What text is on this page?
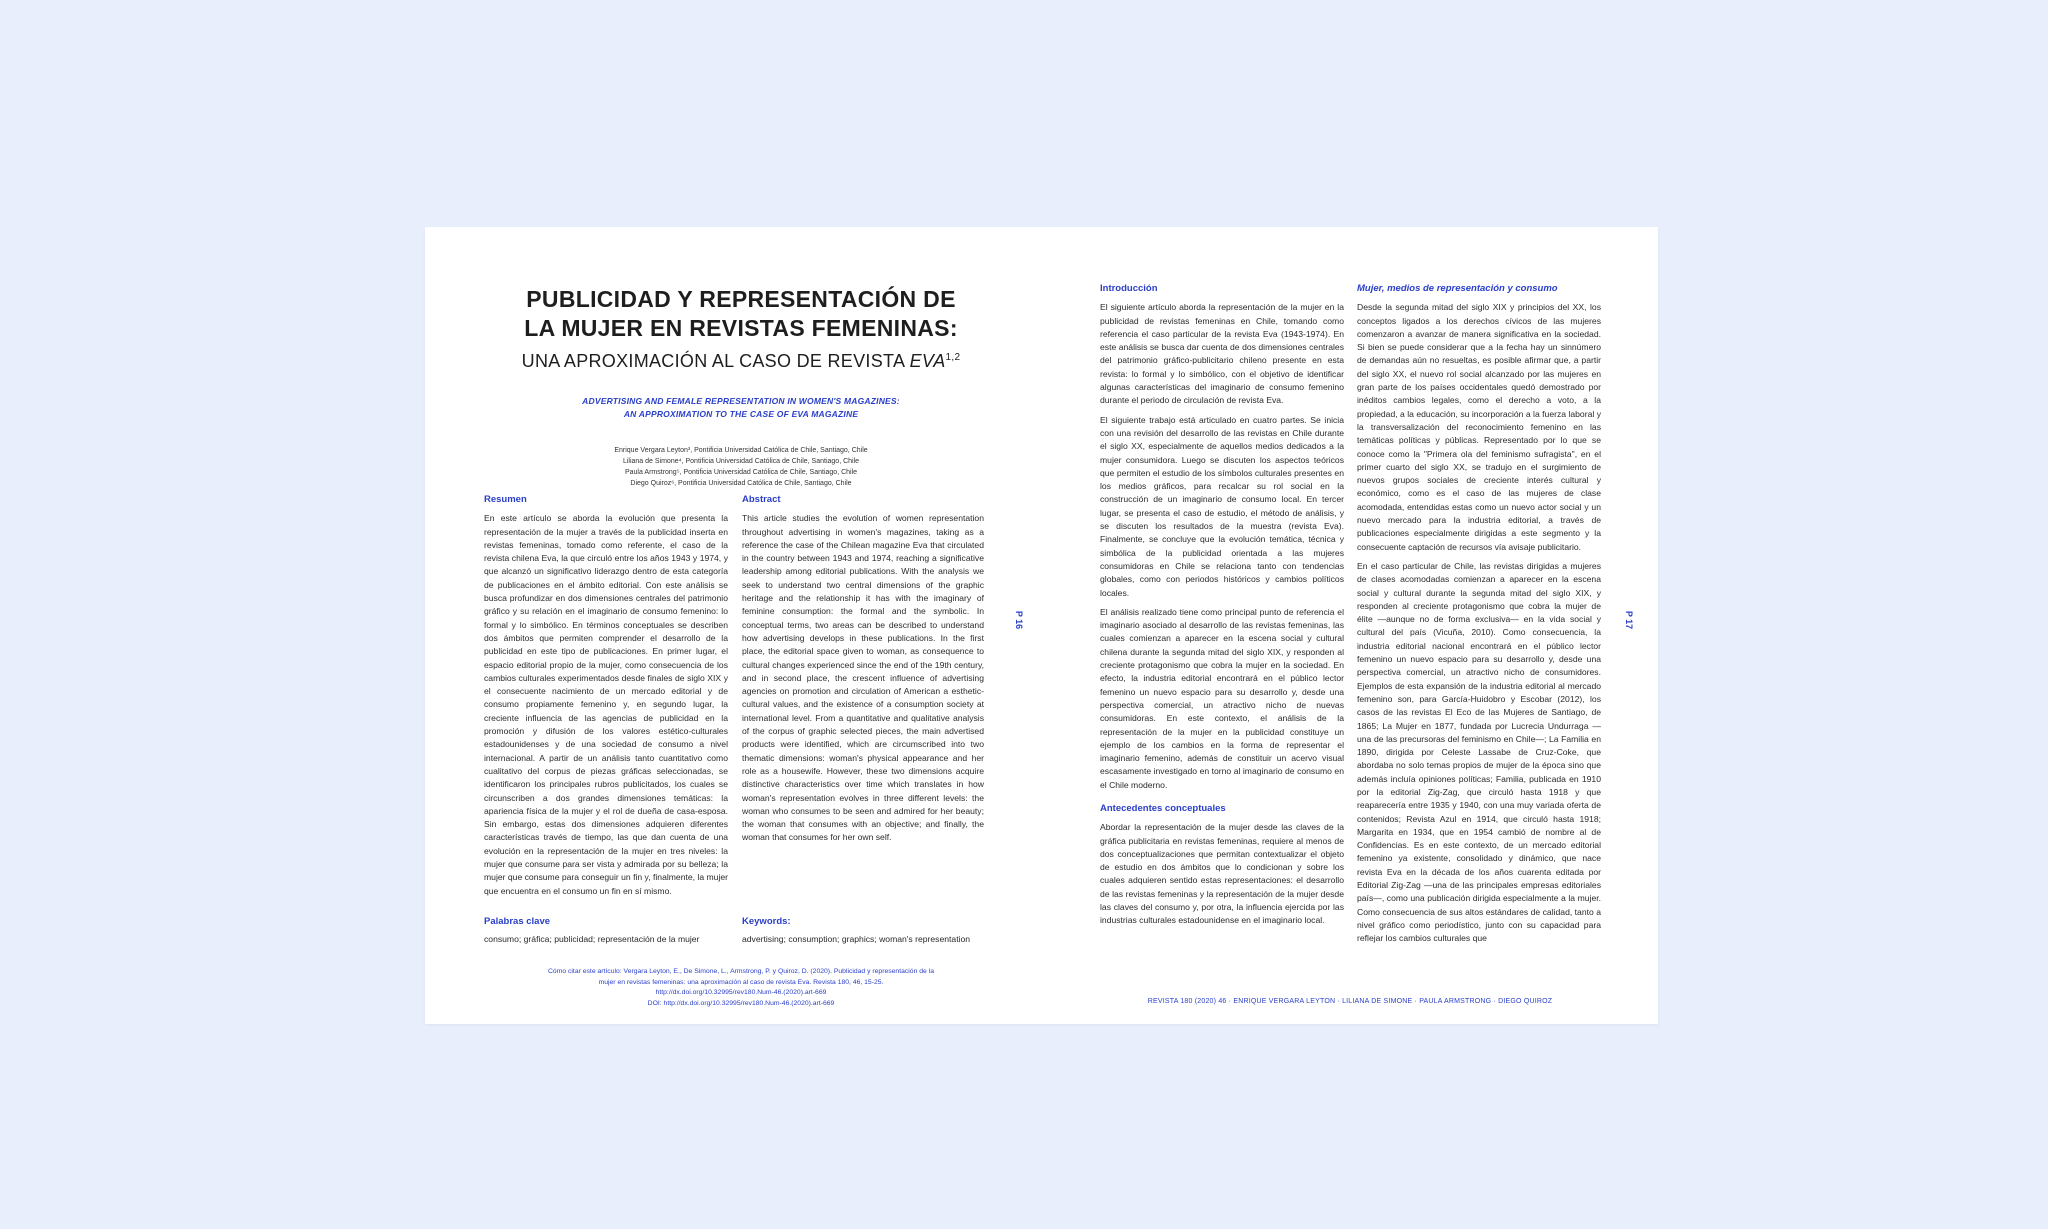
PUBLICIDAD Y REPRESENTACIÓN DE

LA MUJER EN REVISTAS FEMENINAS:

UNA APROXIMACIÓN AL CASO DE REVISTA EVA$^{1,2}$

ADVERTISING AND FEMALE REPRESENTATION IN WOMEN'S MAGAZINES:
AN APPROXIMATION TO THE CASE OF EVA MAGAZINE

Enrique Vergara Leyton³, Pontificia Universidad Católica de Chile, Santiago, Chile
Liliana de Simone⁴, Pontificia Universidad Católica de Chile, Santiago, Chile
Paula Armstrong⁵, Pontificia Universidad Católica de Chile, Santiago, Chile
Diego Quiroz⁶, Pontificia Universidad Católica de Chile, Santiago, Chile

Resumen

En este artículo se aborda la evolución que presenta la representación de la mujer a través de la publicidad inserta en revistas femeninas, tomado como referente, el caso de la revista chilena Eva, la que circuló entre los años 1943 y 1974, y que alcanzó un significativo liderazgo dentro de esta categoría de publicaciones en el ámbito editorial. Con este análisis se busca profundizar en dos dimensiones centrales del patrimonio gráfico y su relación en el imaginario de consumo femenino: lo formal y lo simbólico. En términos conceptuales se describen dos ámbitos que permiten comprender el desarrollo de la publicidad en este tipo de publicaciones. En primer lugar, el espacio editorial propio de la mujer, como consecuencia de los cambios culturales experimentados desde finales de siglo XIX y el consecuente nacimiento de un mercado editorial y de consumo propiamente femenino y, en segundo lugar, la creciente influencia de las agencias de publicidad en la promoción y difusión de los valores estético-culturales estadounidenses y de una sociedad de consumo a nivel internacional. A partir de un análisis tanto cuantitativo como cualitativo del corpus de piezas gráficas seleccionadas, se identificaron los principales rubros publicitados, los cuales se circunscriben a dos grandes dimensiones temáticas: la apariencia física de la mujer y el rol de dueña de casa-esposa. Sin embargo, estas dos dimensiones adquieren diferentes características través de tiempo, las que dan cuenta de una evolución en la representación de la mujer en tres niveles: la mujer que consume para ser vista y admirada por su belleza; la mujer que consume para conseguir un fin y, finalmente, la mujer que encuentra en el consumo un fin en sí mismo.

Abstract

This article studies the evolution of women representation throughout advertising in women's magazines, taking as a reference the case of the Chilean magazine Eva that circulated in the country between 1943 and 1974, reaching a significative leadership among editorial publications. With the analysis we seek to understand two central dimensions of the graphic heritage and the relationship it has with the imaginary of feminine consumption: the formal and the symbolic. In conceptual terms, two areas can be described to understand how advertising develops in these publications. In the first place, the editorial space given to woman, as consequence to cultural changes experienced since the end of the 19th century, and in second place, the crescent influence of advertising agencies on promotion and circulation of American a esthetic-cultural values, and the existence of a consumption society at international level. From a quantitative and qualitative analysis of the corpus of graphic selected pieces, the main advertised products were identified, which are circumscribed into two thematic dimensions: woman's physical appearance and her role as a housewife. However, these two dimensions acquire distinctive characteristics over time which translates in how woman's representation evolves in three different levels: the woman who consumes to be seen and admired for her beauty; the woman that consumes with an objective; and finally, the woman that consumes for her own self.

Palabras clave
consumo; gráfica; publicidad; representación de la mujer
Keywords:
advertising; consumption; graphics; woman's representation
Cómo citar este artículo: Vergara Leyton, E., De Simone, L., Armstrong, P. y Quiroz, D. (2020). Publicidad y representación de la
mujer en revistas femeninas: una aproximación al caso de revista Eva. Revista 180, 46, 15-25.
http://dx.doi.org/10.32995/rev180.Num-46.(2020).art-669
DOI: http://dx.doi.org/10.32995/rev180.Num-46.(2020).art-669
P 16

Introducción

El siguiente artículo aborda la representación de la mujer en la publicidad de revistas femeninas en Chile, tomando como referencia el caso particular de la revista Eva (1943-1974). En este análisis se busca dar cuenta de dos dimensiones centrales del patrimonio gráfico-publicitario chileno presente en esta revista: lo formal y lo simbólico, con el objetivo de identificar algunas características del imaginario de consumo femenino durante el periodo de circulación de revista Eva.

El siguiente trabajo está articulado en cuatro partes. Se inicia con una revisión del desarrollo de las revistas en Chile durante el siglo XX, especialmente de aquellos medios dedicados a la mujer consumidora. Luego se discuten los aspectos teóricos que permiten el estudio de los símbolos culturales presentes en los medios gráficos, para recalcar su rol social en la construcción de un imaginario de consumo local. En tercer lugar, se presenta el caso de estudio, el método de análisis, y se discuten los resultados de la muestra (revista Eva). Finalmente, se concluye que la evolución temática, técnica y simbólica de la publicidad orientada a las mujeres consumidoras en Chile se relaciona tanto con tendencias globales, como con periodos históricos y cambios políticos locales.

El análisis realizado tiene como principal punto de referencia el imaginario asociado al desarrollo de las revistas femeninas, las cuales comienzan a aparecer en la escena social y cultural chilena durante la segunda mitad del siglo XIX, y responden al creciente protagonismo que cobra la mujer en la sociedad. En efecto, la industria editorial encontrará en el público lector femenino un nuevo espacio para su desarrollo y, desde una perspectiva comercial, un atractivo nicho de nuevas consumidoras. En este contexto, el análisis de la representación de la mujer en la publicidad constituye un ejemplo de los cambios en la forma de representar el imaginario femenino, además de constituir un acervo visual escasamente investigado en torno al imaginario de consumo en el Chile moderno.

Antecedentes conceptuales

Abordar la representación de la mujer desde las claves de la gráfica publicitaria en revistas femeninas, requiere al menos de dos conceptualizaciones que permitan contextualizar el objeto de estudio en dos ámbitos que lo condicionan y sobre los cuales adquieren sentido estas representaciones: el desarrollo de las revistas femeninas y la representación de la mujer desde las claves del consumo y, por otra, la influencia ejercida por las industrias culturales estadounidense en el imaginario local.

Mujer, medios de representación y consumo

Desde la segunda mitad del siglo XIX y principios del XX, los conceptos ligados a los derechos cívicos de las mujeres comenzaron a avanzar de manera significativa en la sociedad. Si bien se puede considerar que a la fecha hay un sinnúmero de demandas aún no resueltas, es posible afirmar que, a partir del siglo XX, el nuevo rol social alcanzado por las mujeres en gran parte de los países occidentales quedó demostrado por inéditos cambios legales, como el derecho a voto, a la propiedad, a la educación, su incorporación a la fuerza laboral y la transversalización del reconocimiento femenino en las temáticas políticas y públicas. Representado por lo que se conoce como la "Primera ola del feminismo sufragista", en el primer cuarto del siglo XX, se tradujo en el surgimiento de nuevos grupos sociales de creciente interés cultural y económico, como es el caso de las mujeres de clase acomodada, entendidas estas como un nuevo actor social y un nuevo mercado para la industria editorial, a través de publicaciones especialmente dirigidas a este segmento y la consecuente captación de recursos vía avisaje publicitario.

En el caso particular de Chile, las revistas dirigidas a mujeres de clases acomodadas comienzan a aparecer en la escena social y cultural durante la segunda mitad del siglo XIX, y responden al creciente protagonismo que cobra la mujer de élite —aunque no de forma exclusiva— en la vida social y cultural del país (Vicuña, 2010). Como consecuencia, la industria editorial nacional encontrará en el público lector femenino un nuevo espacio para su desarrollo y, desde una perspectiva comercial, un atractivo nicho de consumidores. Ejemplos de esta expansión de la industria editorial al mercado femenino son, para García-Huidobro y Escobar (2012), los casos de las revistas El Eco de las Mujeres de Santiago, de 1865; La Mujer en 1877, fundada por Lucrecia Undurraga —una de las precursoras del feminismo en Chile—; La Familia en 1890, dirigida por Celeste Lassabe de Cruz-Coke, que abordaba no solo temas propios de mujer de la época sino que además incluía opiniones políticas; Familia, publicada en 1910 por la editorial Zig-Zag, que circuló hasta 1918 y que reaparecería entre 1935 y 1940, con una muy variada oferta de contenidos; Revista Azul en 1914, que circuló hasta 1918; Margarita en 1934, que en 1954 cambió de nombre al de Confidencias. Es en este contexto, de un mercado editorial femenino ya existente, consolidado y dinámico, que nace revista Eva en la década de los años cuarenta editada por Editorial Zig-Zag —una de las principales empresas editoriales país—, como una publicación dirigida especialmente a la mujer. Como consecuencia de sus altos estándares de calidad, tanto a nivel gráfico como periodístico, junto con su capacidad para reflejar los cambios culturales que

P 17
REVISTA 180 (2020) 46 · ENRIQUE VERGARA LEYTON · LILIANA DE SIMONE · PAULA ARMSTRONG · DIEGO QUIROZ
